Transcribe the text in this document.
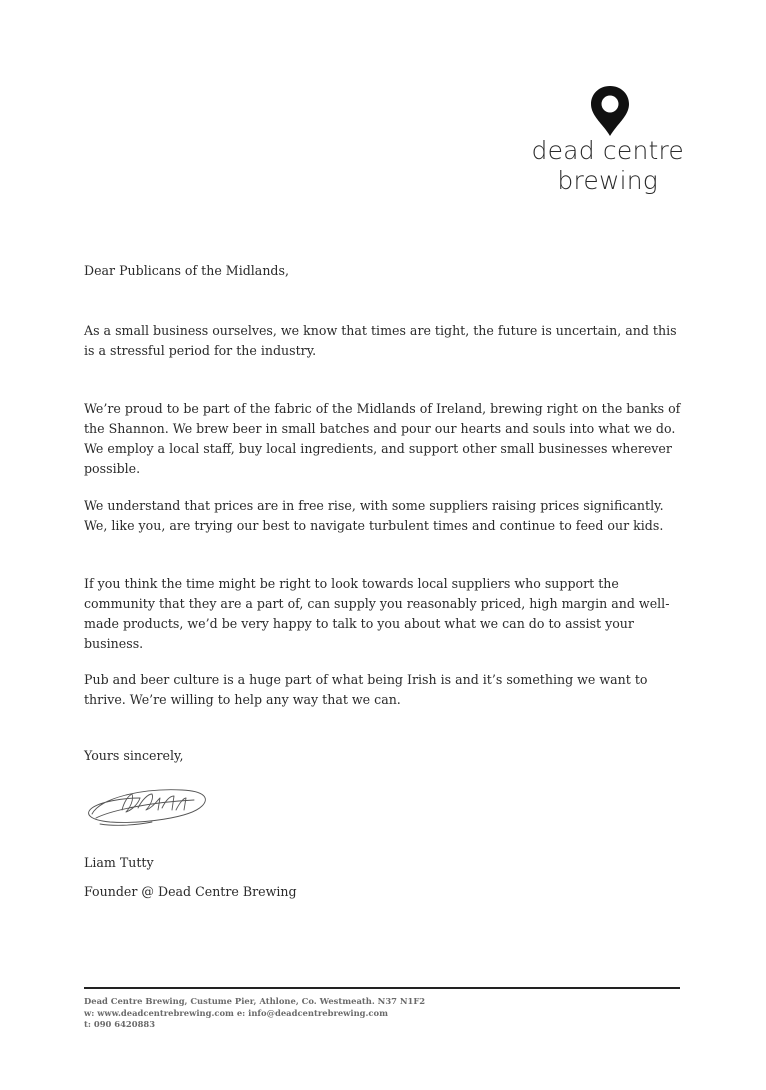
dead centre
brewing

Dear Publicans of the Midlands,

As a small business ourselves, we know that times are tight, the future is uncertain, and this is a stressful period for the industry.

We’re proud to be part of the fabric of the Midlands of Ireland, brewing right on the banks of the Shannon. We brew beer in small batches and pour our hearts and souls into what we do. We employ a local staff, buy local ingredients, and support other small businesses wherever possible.

We understand that prices are in free rise, with some suppliers raising prices significantly. We, like you, are trying our best to navigate turbulent times and continue to feed our kids.

If you think the time might be right to look towards local suppliers who support the community that they are a part of, can supply you reasonably priced, high margin and well-made products, we’d be very happy to talk to you about what we can do to assist your business.

Pub and beer culture is a huge part of what being Irish is and it’s something we want to thrive. We’re willing to help any way that we can.

Yours sincerely,

Liam Tutty

Founder @ Dead Centre Brewing

Dead Centre Brewing, Custume Pier, Athlone, Co. Westmeath. N37 N1F2
w: www.deadcentrebrewing.com e: info@deadcentrebrewing.com
t: 090 6420883
